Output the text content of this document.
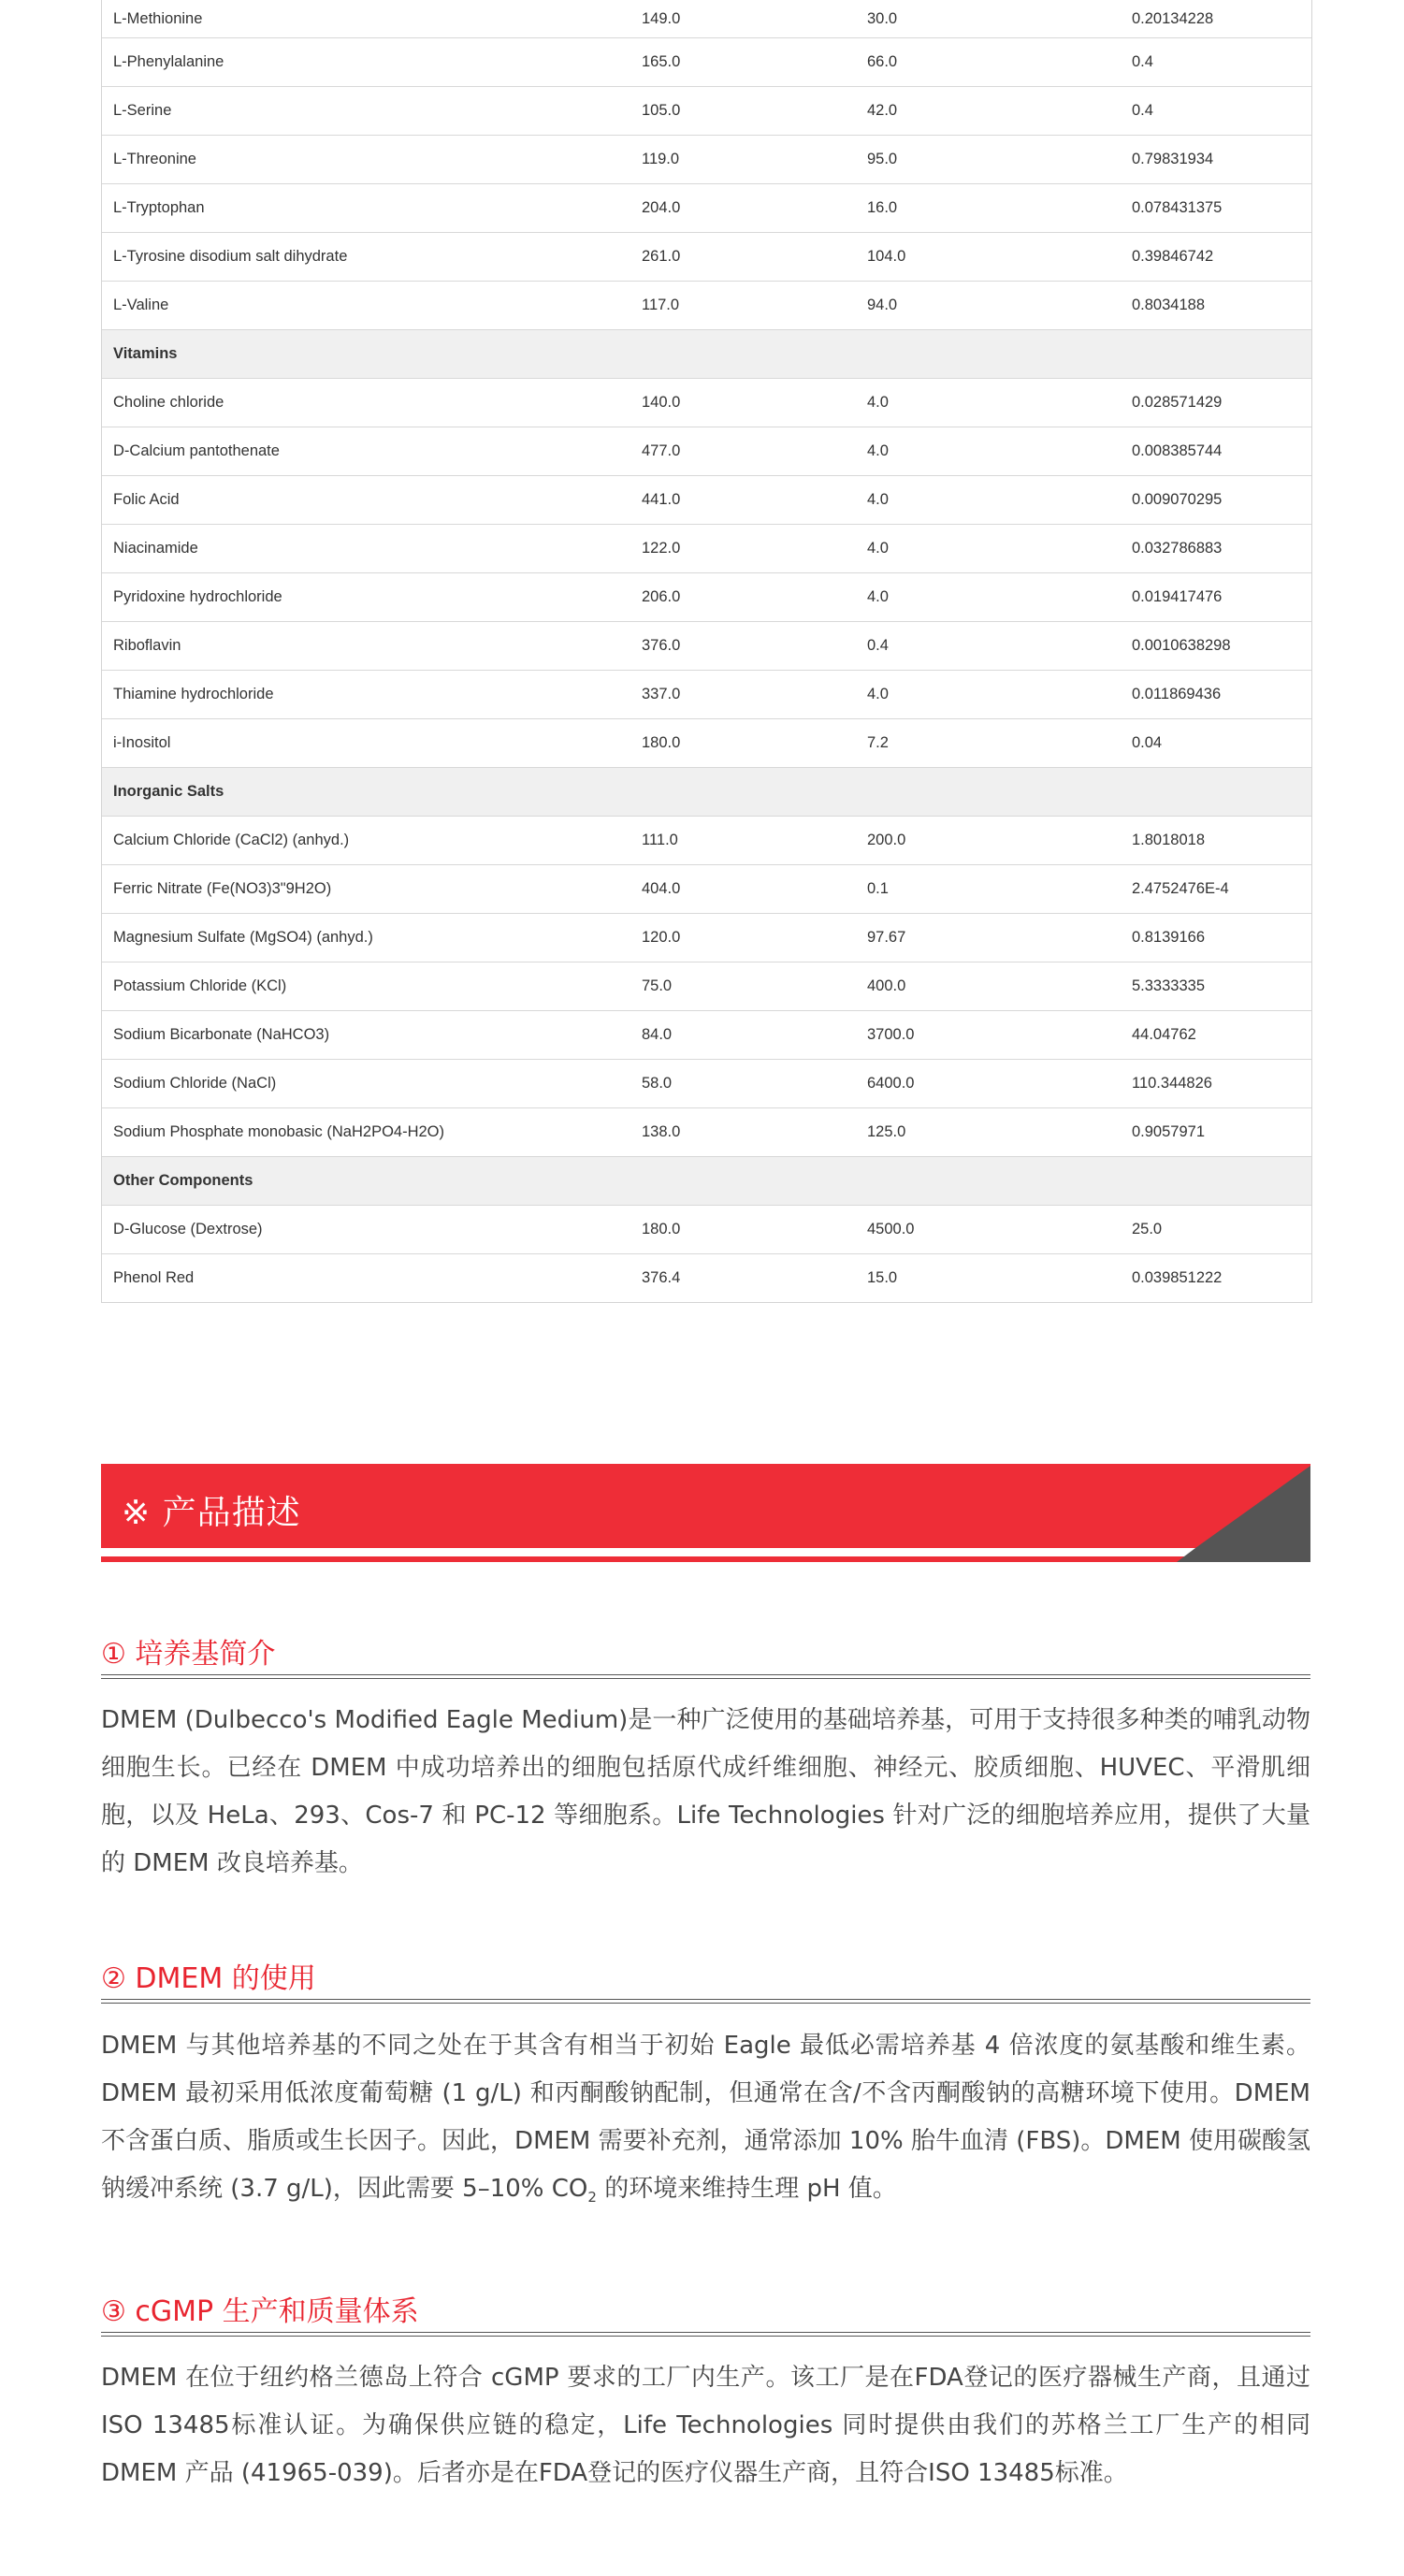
L-Methionine	149.0	30.0	0.20134228
L-Phenylalanine	165.0	66.0	0.4
L-Serine	105.0	42.0	0.4
L-Threonine	119.0	95.0	0.79831934
L-Tryptophan	204.0	16.0	0.078431375
L-Tyrosine disodium salt dihydrate	261.0	104.0	0.39846742
L-Valine	117.0	94.0	0.8034188
Vitamins
Choline chloride	140.0	4.0	0.028571429
D-Calcium pantothenate	477.0	4.0	0.008385744
Folic Acid	441.0	4.0	0.009070295
Niacinamide	122.0	4.0	0.032786883
Pyridoxine hydrochloride	206.0	4.0	0.019417476
Riboflavin	376.0	0.4	0.0010638298
Thiamine hydrochloride	337.0	4.0	0.011869436
i-Inositol	180.0	7.2	0.04
Inorganic Salts
Calcium Chloride (CaCl2) (anhyd.)	111.0	200.0	1.8018018
Ferric Nitrate (Fe(NO3)3"9H2O)	404.0	0.1	2.4752476E-4
Magnesium Sulfate (MgSO4) (anhyd.)	120.0	97.67	0.8139166
Potassium Chloride (KCl)	75.0	400.0	5.3333335
Sodium Bicarbonate (NaHCO3)	84.0	3700.0	44.04762
Sodium Chloride (NaCl)	58.0	6400.0	110.344826
Sodium Phosphate monobasic (NaH2PO4-H2O)	138.0	125.0	0.9057971
Other Components
D-Glucose (Dextrose)	180.0	4500.0	25.0
Phenol Red	376.4	15.0	0.039851222
※ 产品描述
① 培养基简介
DMEM (Dulbecco's Modified Eagle Medium)是一种广泛使用的基础培养基，可用于支持很多种类的哺乳动物细胞生长。已经在 DMEM 中成功培养出的细胞包括原代成纤维细胞、神经元、胶质细胞、HUVEC、平滑肌细胞，以及 HeLa、293、Cos-7 和 PC-12 等细胞系。Life Technologies 针对广泛的细胞培养应用，提供了大量的 DMEM 改良培养基。
② DMEM 的使用
DMEM 与其他培养基的不同之处在于其含有相当于初始 Eagle 最低必需培养基 4 倍浓度的氨基酸和维生素。DMEM 最初采用低浓度葡萄糖 (1 g/L) 和丙酮酸钠配制，但通常在含/不含丙酮酸钠的高糖环境下使用。DMEM 不含蛋白质、脂质或生长因子。因此，DMEM 需要补充剂，通常添加 10% 胎牛血清 (FBS)。DMEM 使用碳酸氢钠缓冲系统 (3.7 g/L)，因此需要 5–10% $CO_2$ 的环境来维持生理 pH 值。
③ cGMP 生产和质量体系
DMEM 在位于纽约格兰德岛上符合 cGMP 要求的工厂内生产。该工厂是在FDA登记的医疗器械生产商，且通过ISO 13485标准认证。为确保供应链的稳定，Life Technologies 同时提供由我们的苏格兰工厂生产的相同 DMEM 产品 (41965-039)。后者亦是在FDA登记的医疗仪器生产商，且符合ISO 13485标准。
